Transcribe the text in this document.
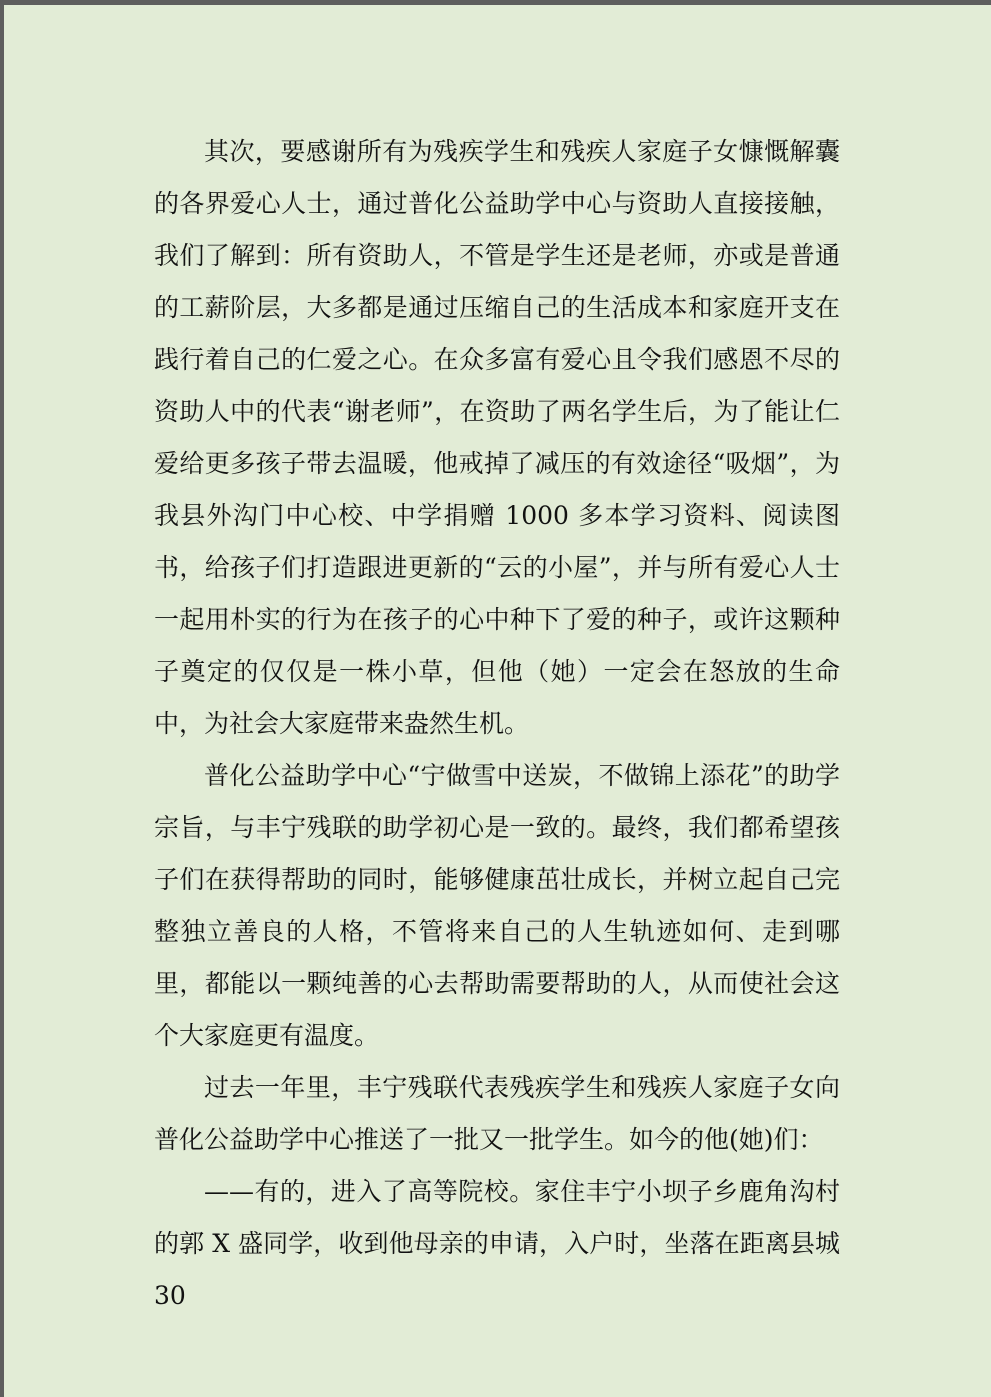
其次，要感谢所有为残疾学生和残疾人家庭子女慷慨解囊的各界爱心人士，通过普化公益助学中心与资助人直接接触，我们了解到：所有资助人，不管是学生还是老师，亦或是普通的工薪阶层，大多都是通过压缩自己的生活成本和家庭开支在践行着自己的仁爱之心。在众多富有爱心且令我们感恩不尽的资助人中的代表“谢老师”，在资助了两名学生后，为了能让仁爱给更多孩子带去温暖，他戒掉了减压的有效途径“吸烟”，为我县外沟门中心校、中学捐赠 1000 多本学习资料、阅读图书，给孩子们打造跟进更新的“云的小屋”，并与所有爱心人士一起用朴实的行为在孩子的心中种下了爱的种子，或许这颗种子奠定的仅仅是一株小草，但他（她）一定会在怒放的生命中，为社会大家庭带来盎然生机。

普化公益助学中心“宁做雪中送炭，不做锦上添花”的助学宗旨，与丰宁残联的助学初心是一致的。最终，我们都希望孩子们在获得帮助的同时，能够健康茁壮成长，并树立起自己完整独立善良的人格，不管将来自己的人生轨迹如何、走到哪里，都能以一颗纯善的心去帮助需要帮助的人，从而使社会这个大家庭更有温度。

过去一年里，丰宁残联代表残疾学生和残疾人家庭子女向普化公益助学中心推送了一批又一批学生。如今的他(她)们：

——有的，进入了高等院校。家住丰宁小坝子乡鹿角沟村的郭 X 盛同学，收到他母亲的申请，入户时，坐落在距离县城 30
